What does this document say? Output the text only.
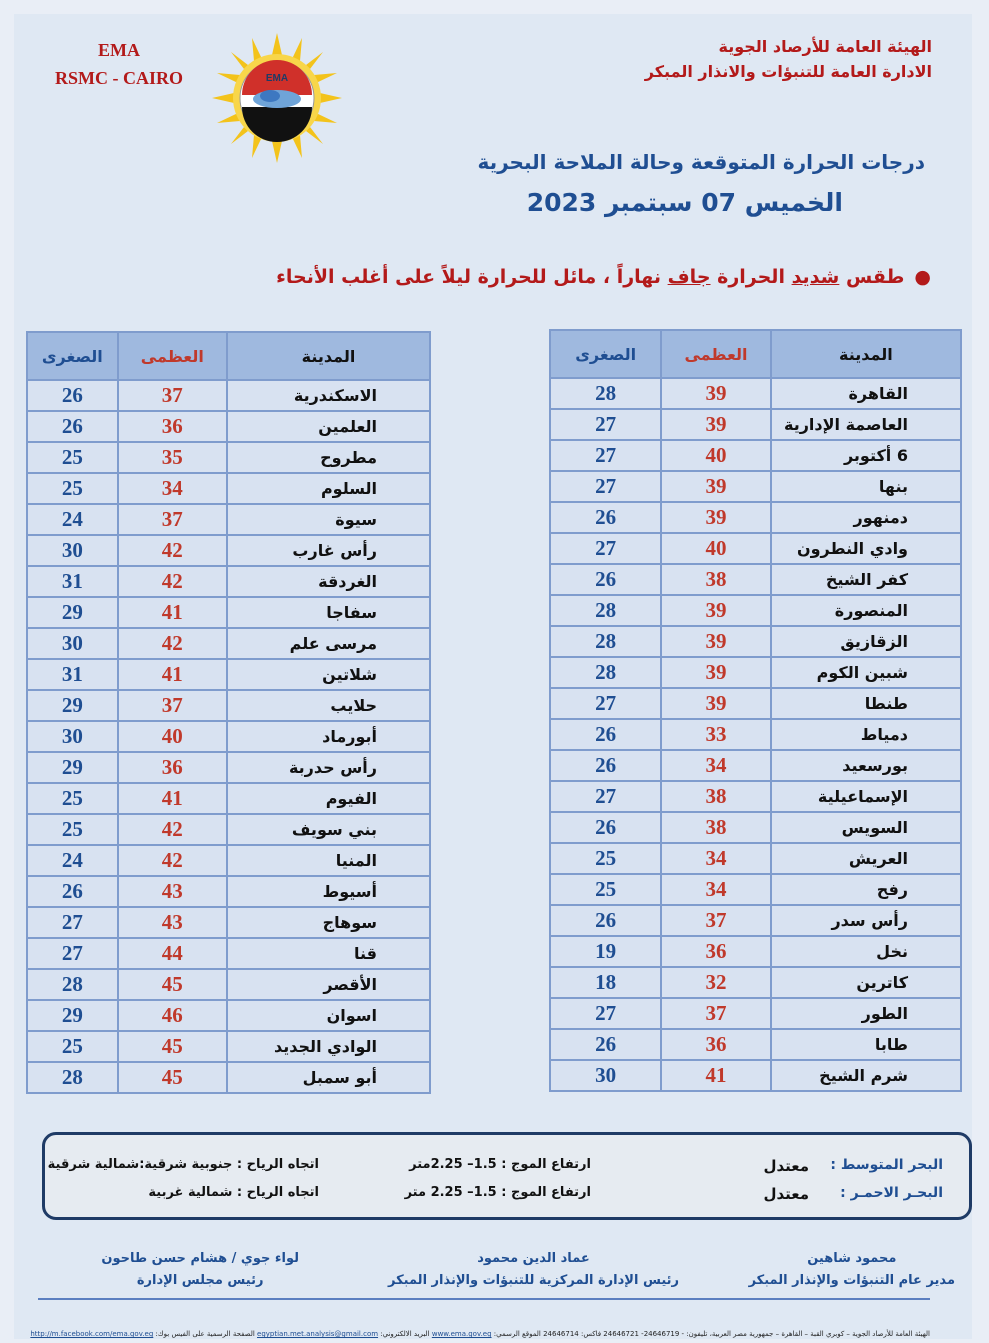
EMA
RSMC - CAIRO	EMA
الهيئة العامة للأرصاد الجوية
الادارة العامة للتنبؤات والانذار المبكر
درجات الحرارة المتوقعة وحالة الملاحة البحرية
الخميس 07 سبتمبر 2023
●طقس شديد الحرارة جاف نهاراً ، مائل للحرارة ليلاً على أغلب الأنحاء
المدينة	العظمى	الصغرى
القاهرة	39	28
العاصمة الإدارية	39	27
6 أكتوبر	40	27
بنها	39	27
دمنهور	39	26
وادي النطرون	40	27
كفر الشيخ	38	26
المنصورة	39	28
الزقازيق	39	28
شبين الكوم	39	28
طنطا	39	27
دمياط	33	26
بورسعيد	34	26
الإسماعيلية	38	27
السويس	38	26
العريش	34	25
رفح	34	25
رأس سدر	37	26
نخل	36	19
كاترين	32	18
الطور	37	27
طابا	36	26
شرم الشيخ	41	30
المدينة	العظمى	الصغرى
الاسكندرية	37	26
العلمين	36	26
مطروح	35	25
السلوم	34	25
سيوة	37	24
رأس غارب	42	30
الغردقة	42	31
سفاجا	41	29
مرسى علم	42	30
شلاتين	41	31
حلايب	37	29
أبورماد	40	30
رأس حدربة	36	29
الفيوم	41	25
بني سويف	42	25
المنيا	42	24
أسيوط	43	26
سوهاج	43	27
قنا	44	27
الأقصر	45	28
اسوان	46	29
الوادي الجديد	45	25
أبو سمبل	45	28
البحر المتوسط :
معتدل
ارتفاع الموج : 1.5– 2.25متر
اتجاه الرياح : جنوبية شرقية:شمالية شرقية
البحـر الاحمـر :
معتدل
ارتفاع الموج : 1.5– 2.25 متر
اتجاه الرياح : شمالية غربية
محمود شاهين
مدير عام التنبؤات والإنذار المبكر
عماد الدين محمود
رئيس الإدارة المركزية للتنبؤات والإنذار المبكر
لواء جوي / هشام حسن طاحون
رئيس مجلس الإدارة
الهيئة العامة للأرصاد الجوية – كوبري القبة – القاهرة – جمهورية مصر العربية، تليفون: - 24646719- 24646721 فاكس: 24646714 الموقع الرسمي: www.ema.gov.eg البريد الالكتروني: egyptian.met.analysis@gmail.com الصفحة الرسمية على الفيس بوك: http://m.facebook.com/ema.gov.eg
